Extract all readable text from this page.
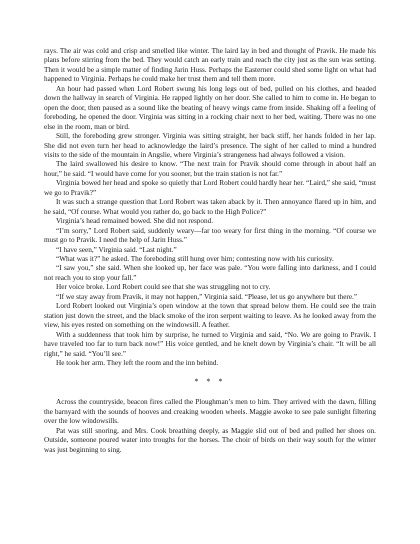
rays. The air was cold and crisp and smelled like winter. The laird lay in bed and thought of Pravik. He made his plans before stirring from the bed. They would catch an early train and reach the city just as the sun was setting. Then it would be a simple matter of finding Jarin Huss. Perhaps the Easterner could shed some light on what had happened to Virginia. Perhaps he could make her trust them and tell them more.

An hour had passed when Lord Robert swung his long legs out of bed, pulled on his clothes, and headed down the hallway in search of Virginia. He rapped lightly on her door. She called to him to come in. He began to open the door, then paused as a sound like the beating of heavy wings came from inside. Shaking off a feeling of foreboding, he opened the door. Virginia was sitting in a rocking chair next to her bed, waiting. There was no one else in the room, man or bird.

Still, the foreboding grew stronger. Virginia was sitting straight, her back stiff, her hands folded in her lap. She did not even turn her head to acknowledge the laird’s presence. The sight of her called to mind a hundred visits to the side of the mountain in Angslie, where Virginia’s strangeness had always followed a vision.

The laird swallowed his desire to know. “The next train for Pravik should come through in about half an hour,” he said. “I would have come for you sooner, but the train station is not far.”

Virginia bowed her head and spoke so quietly that Lord Robert could hardly hear her. “Laird,” she said, “must we go to Pravik?”

It was such a strange question that Lord Robert was taken aback by it. Then annoyance flared up in him, and he said, “Of course. What would you rather do, go back to the High Police?”

Virginia’s head remained bowed. She did not respond.

“I’m sorry,” Lord Robert said, suddenly weary—far too weary for first thing in the morning. “Of course we must go to Pravik. I need the help of Jarin Huss.”

“I have seen,” Virginia said. “Last night.”

“What was it?” he asked. The foreboding still hung over him; contesting now with his curiosity.

“I saw you,” she said. When she looked up, her face was pale. “You were falling into darkness, and I could not reach you to stop your fall.”

Her voice broke. Lord Robert could see that she was struggling not to cry.

“If we stay away from Pravik, it may not happen,” Virginia said. “Please, let us go anywhere but there.”

Lord Robert looked out Virginia’s open window at the town that spread below them. He could see the train station just down the street, and the black smoke of the iron serpent waiting to leave. As he looked away from the view, his eyes rested on something on the windowsill. A feather.

With a suddenness that took him by surprise, he turned to Virginia and said, “No. We are going to Pravik. I have traveled too far to turn back now!” His voice gentled, and he knelt down by Virginia’s chair. “It will be all right,” he said. “You’ll see.”

He took her arm. They left the room and the inn behind.

* * *

Across the countryside, beacon fires called the Ploughman’s men to him. They arrived with the dawn, filling the barnyard with the sounds of hooves and creaking wooden wheels. Maggie awoke to see pale sunlight filtering over the low windowsills.

Pat was still snoring, and Mrs. Cook breathing deeply, as Maggie slid out of bed and pulled her shoes on. Outside, someone poured water into troughs for the horses. The choir of birds on their way south for the winter was just beginning to sing.
